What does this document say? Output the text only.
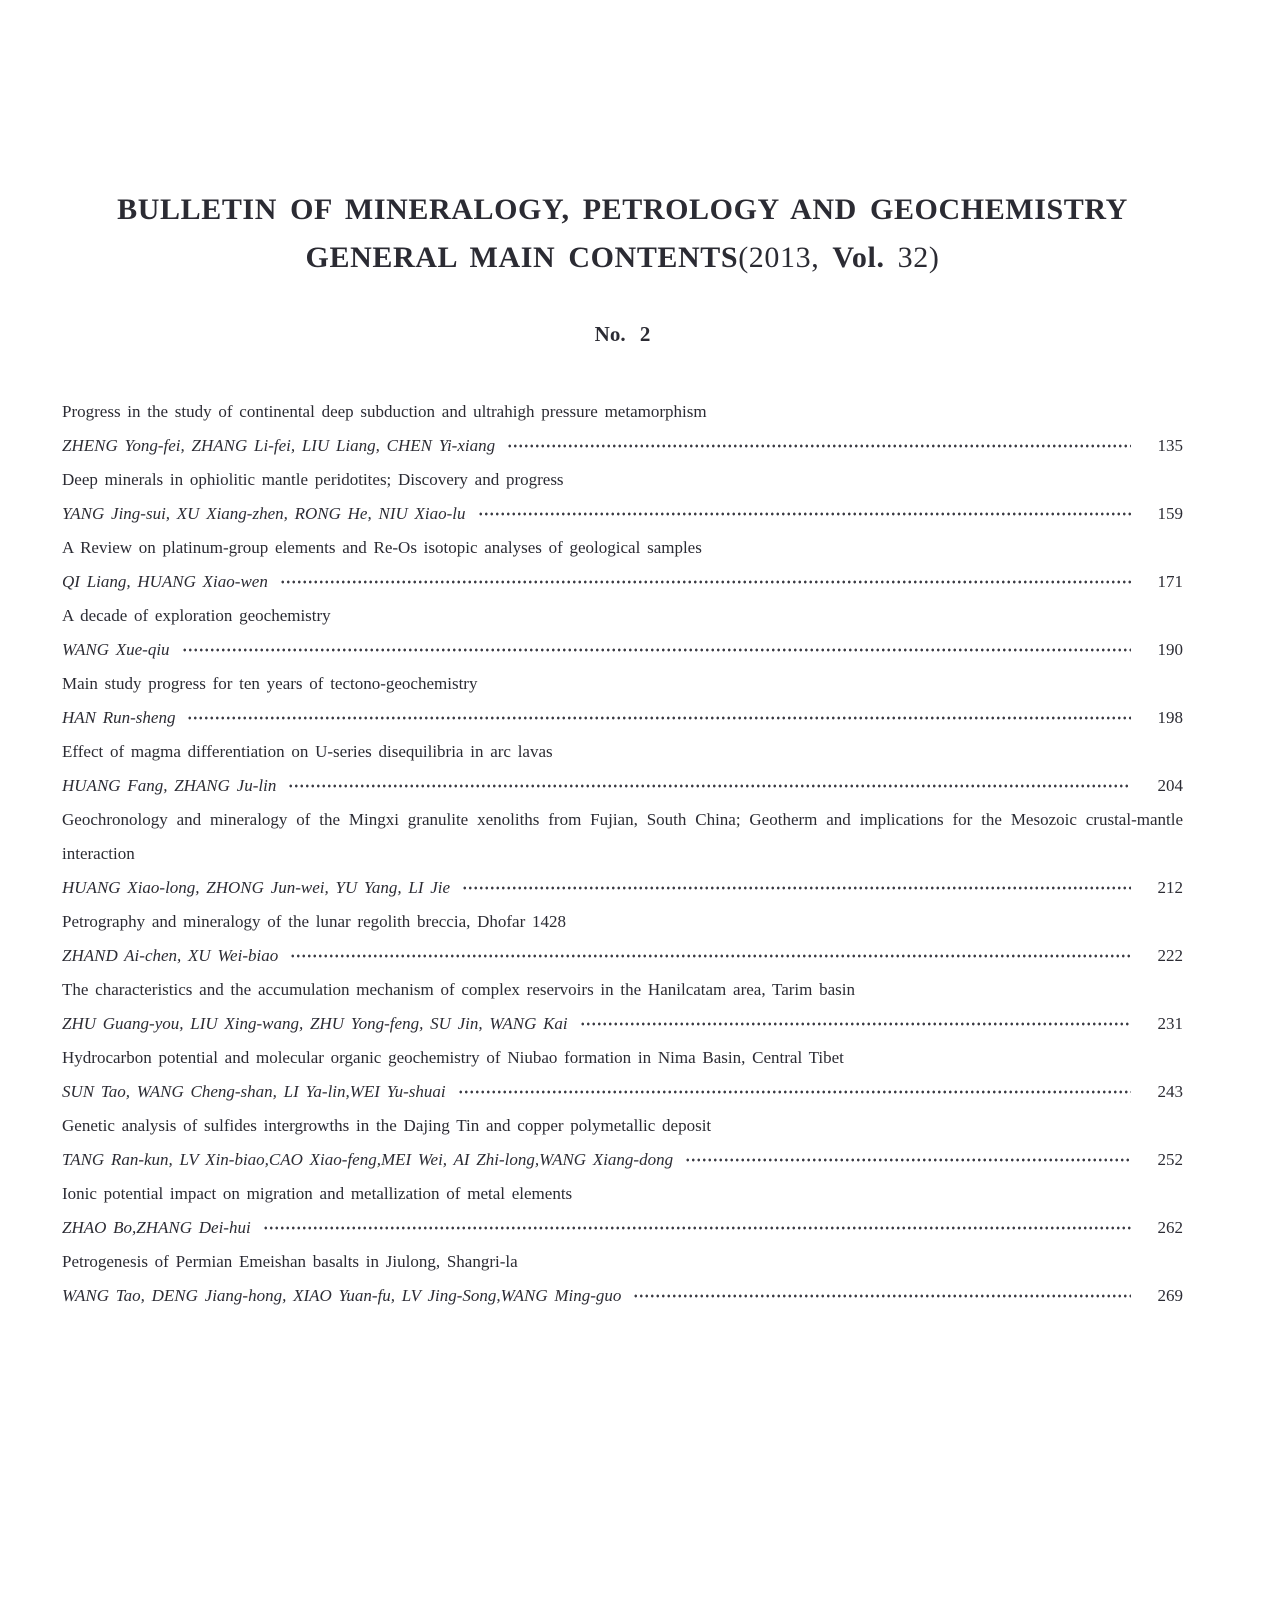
BULLETIN OF MINERALOGY, PETROLOGY AND GEOCHEMISTRY
GENERAL MAIN CONTENTS(2013, Vol. 32)
No. 2
Progress in the study of continental deep subduction and ultrahigh pressure metamorphism
ZHENG Yong-fei, ZHANG Li-fei, LIU Liang, CHEN Yi-xiang	135
Deep minerals in ophiolitic mantle peridotites; Discovery and progress
YANG Jing-sui, XU Xiang-zhen, RONG He, NIU Xiao-lu	159
A Review on platinum-group elements and Re-Os isotopic analyses of geological samples
QI Liang, HUANG Xiao-wen	171
A decade of exploration geochemistry
WANG Xue-qiu	190
Main study progress for ten years of tectono-geochemistry
HAN Run-sheng	198
Effect of magma differentiation on U-series disequilibria in arc lavas
HUANG Fang, ZHANG Ju-lin	204
Geochronology and mineralogy of the Mingxi granulite xenoliths from Fujian, South China; Geotherm and implications for the Mesozoic crustal-mantle interaction
HUANG Xiao-long, ZHONG Jun-wei, YU Yang, LI Jie	212
Petrography and mineralogy of the lunar regolith breccia, Dhofar 1428
ZHAND Ai-chen, XU Wei-biao	222
The characteristics and the accumulation mechanism of complex reservoirs in the Hanilcatam area, Tarim basin
ZHU Guang-you, LIU Xing-wang, ZHU Yong-feng, SU Jin, WANG Kai	231
Hydrocarbon potential and molecular organic geochemistry of Niubao formation in Nima Basin, Central Tibet
SUN Tao, WANG Cheng-shan, LI Ya-lin,WEI Yu-shuai	243
Genetic analysis of sulfides intergrowths in the Dajing Tin and copper polymetallic deposit
TANG Ran-kun, LV Xin-biao,CAO Xiao-feng,MEI Wei, AI Zhi-long,WANG Xiang-dong	252
Ionic potential impact on migration and metallization of metal elements
ZHAO Bo,ZHANG Dei-hui	262
Petrogenesis of Permian Emeishan basalts in Jiulong, Shangri-la
WANG Tao, DENG Jiang-hong, XIAO Yuan-fu, LV Jing-Song,WANG Ming-guo	269
